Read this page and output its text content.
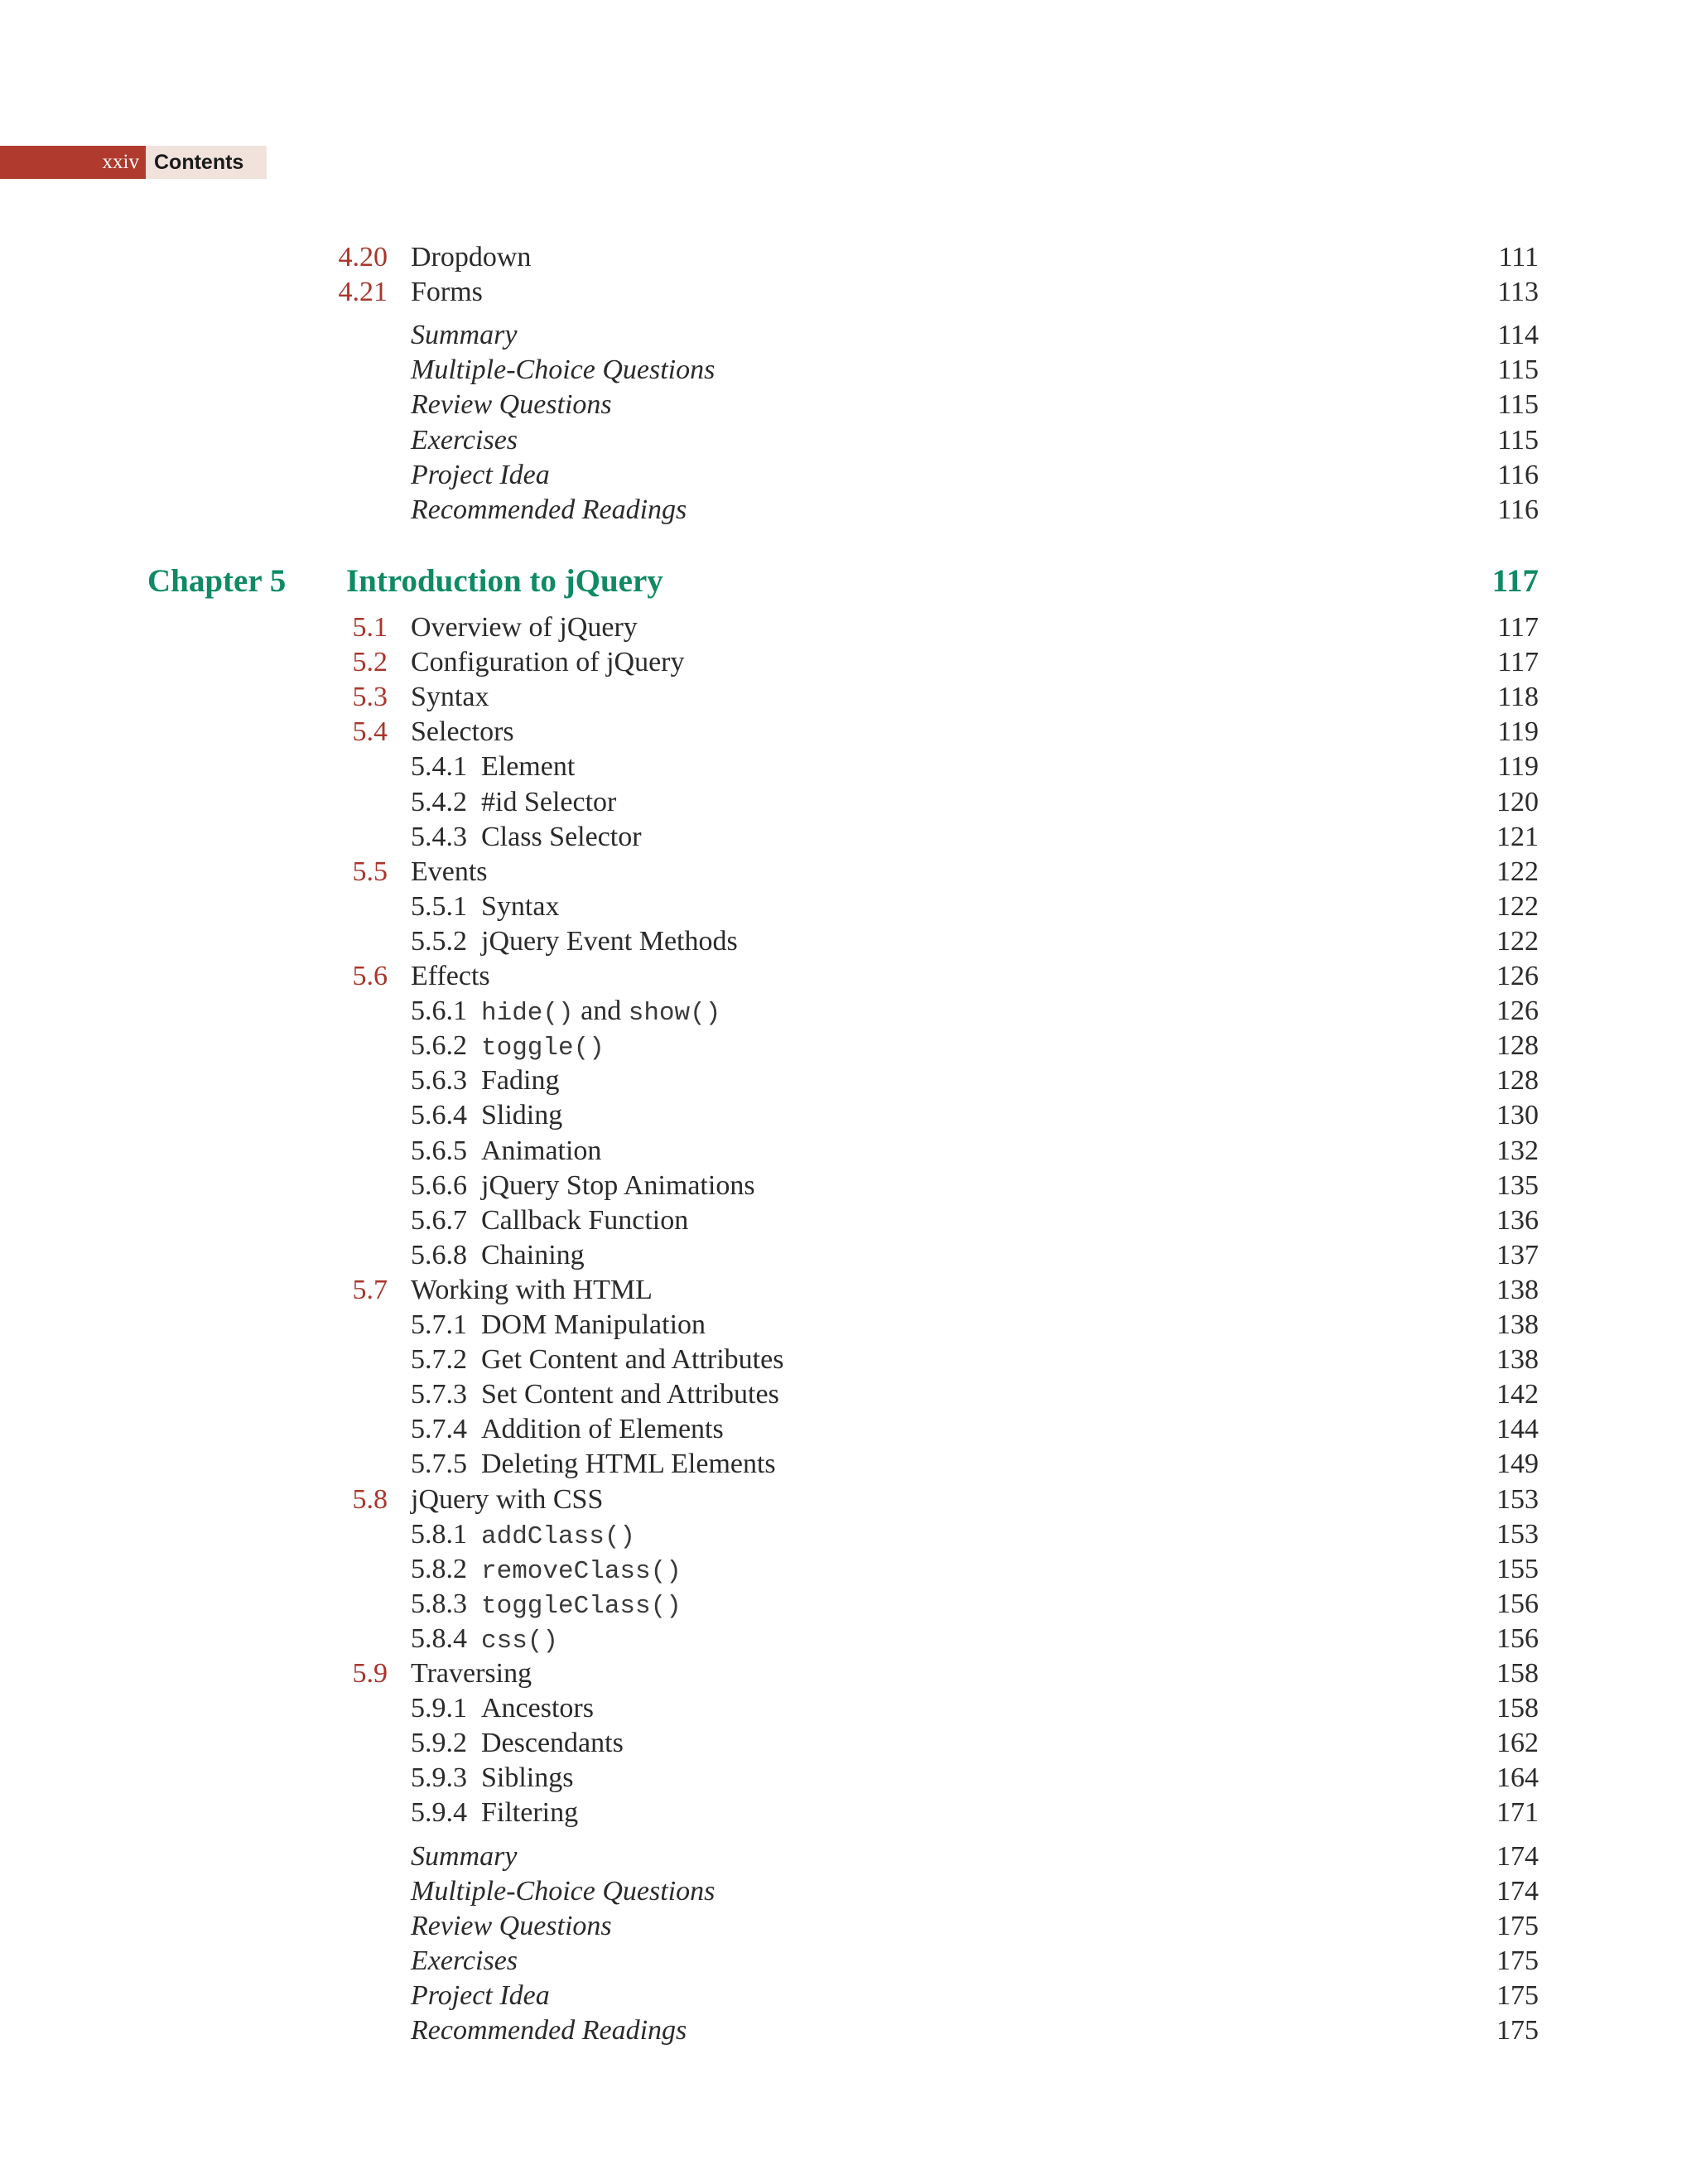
xxiv Contents
4.20 Dropdown	111
4.21 Forms	113
Summary	114
Multiple-Choice Questions	115
Review Questions	115
Exercises	115
Project Idea	116
Recommended Readings	116
Chapter 5 Introduction to jQuery	117
5.1 Overview of jQuery	117
5.2 Configuration of jQuery	117
5.3 Syntax	118
5.4 Selectors	119
5.4.1  Element	119
5.4.2  #id Selector	120
5.4.3  Class Selector	121
5.5 Events	122
5.5.1  Syntax	122
5.5.2  jQuery Event Methods	122
5.6 Effects	126
5.6.1  hide() and show()	126
5.6.2  toggle()	128
5.6.3  Fading	128
5.6.4  Sliding	130
5.6.5  Animation	132
5.6.6  jQuery Stop Animations	135
5.6.7  Callback Function	136
5.6.8  Chaining	137
5.7 Working with HTML	138
5.7.1  DOM Manipulation	138
5.7.2  Get Content and Attributes	138
5.7.3  Set Content and Attributes	142
5.7.4  Addition of Elements	144
5.7.5  Deleting HTML Elements	149
5.8 jQuery with CSS	153
5.8.1  addClass()	153
5.8.2  removeClass()	155
5.8.3  toggleClass()	156
5.8.4  css()	156
5.9 Traversing	158
5.9.1  Ancestors	158
5.9.2  Descendants	162
5.9.3  Siblings	164
5.9.4  Filtering	171
Summary	174
Multiple-Choice Questions	174
Review Questions	175
Exercises	175
Project Idea	175
Recommended Readings	175
